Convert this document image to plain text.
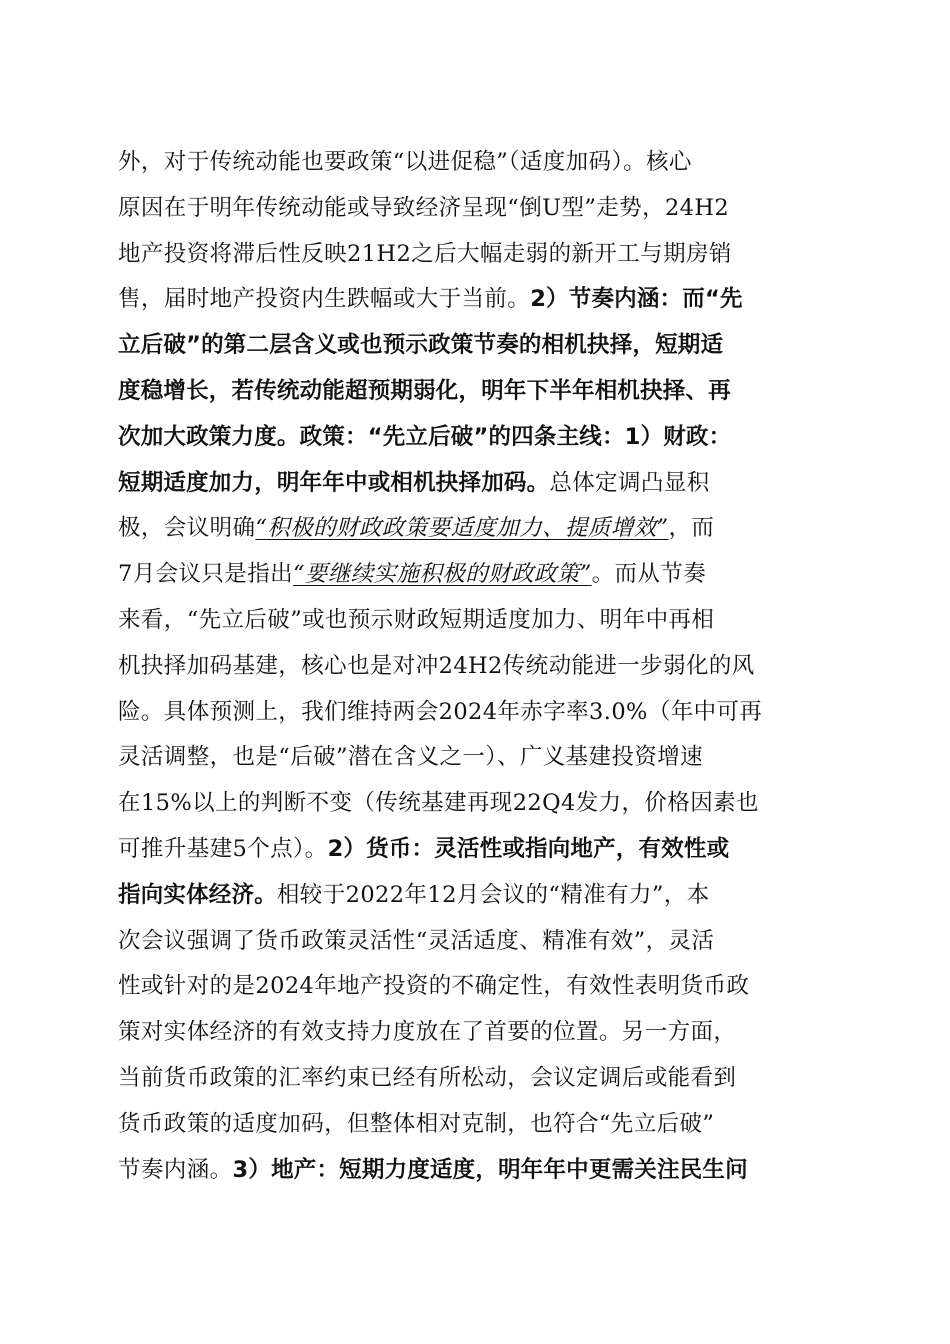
外，对于传统动能也要政策“以进促稳”（适度加码）。核心
原因在于明年传统动能或导致经济呈现“倒U型”走势，24H2
地产投资将滞后性反映21H2之后大幅走弱的新开工与期房销
售，届时地产投资内生跌幅或大于当前。2）节奏内涵：而“先
立后破”的第二层含义或也预示政策节奏的相机抉择，短期适
度稳增长，若传统动能超预期弱化，明年下半年相机抉择、再
次加大政策力度。政策：“先立后破”的四条主线：1）财政：
短期适度加力，明年年中或相机抉择加码。总体定调凸显积
极，会议明确“积极的财政政策要适度加力、提质增效”，而
7月会议只是指出“要继续实施积极的财政政策”。而从节奏
来看，“先立后破”或也预示财政短期适度加力、明年中再相
机抉择加码基建，核心也是对冲24H2传统动能进一步弱化的风
险。具体预测上，我们维持两会2024年赤字率3.0%（年中可再
灵活调整，也是“后破”潜在含义之一）、广义基建投资增速
在15%以上的判断不变（传统基建再现22Q4发力，价格因素也
可推升基建5个点）。2）货币：灵活性或指向地产，有效性或
指向实体经济。相较于2022年12月会议的“精准有力”，本
次会议强调了货币政策灵活性“灵活适度、精准有效”，灵活
性或针对的是2024年地产投资的不确定性，有效性表明货币政
策对实体经济的有效支持力度放在了首要的位置。另一方面，
当前货币政策的汇率约束已经有所松动，会议定调后或能看到
货币政策的适度加码，但整体相对克制，也符合“先立后破”
节奏内涵。3）地产：短期力度适度，明年年中更需关注民生问
